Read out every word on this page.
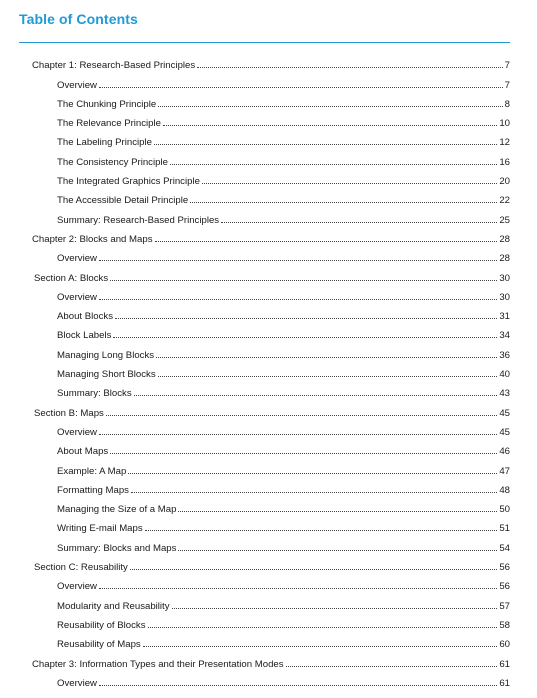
Table of Contents
Chapter 1: Research-Based Principles	7
Overview	7
The Chunking Principle	8
The Relevance Principle	10
The Labeling Principle	12
The Consistency Principle	16
The Integrated Graphics Principle	20
The Accessible Detail Principle	22
Summary: Research-Based Principles	25
Chapter 2: Blocks and Maps	28
Overview	28
Section A: Blocks	30
Overview	30
About Blocks	31
Block Labels	34
Managing Long Blocks	36
Managing Short Blocks	40
Summary: Blocks	43
Section B: Maps	45
Overview	45
About Maps	46
Example: A Map	47
Formatting Maps	48
Managing the Size of a Map	50
Writing E-mail Maps	51
Summary: Blocks and Maps	54
Section C: Reusability	56
Overview	56
Modularity and Reusability	57
Reusability of Blocks	58
Reusability of Maps	60
Chapter 3: Information Types and their Presentation Modes	61
Overview	61
